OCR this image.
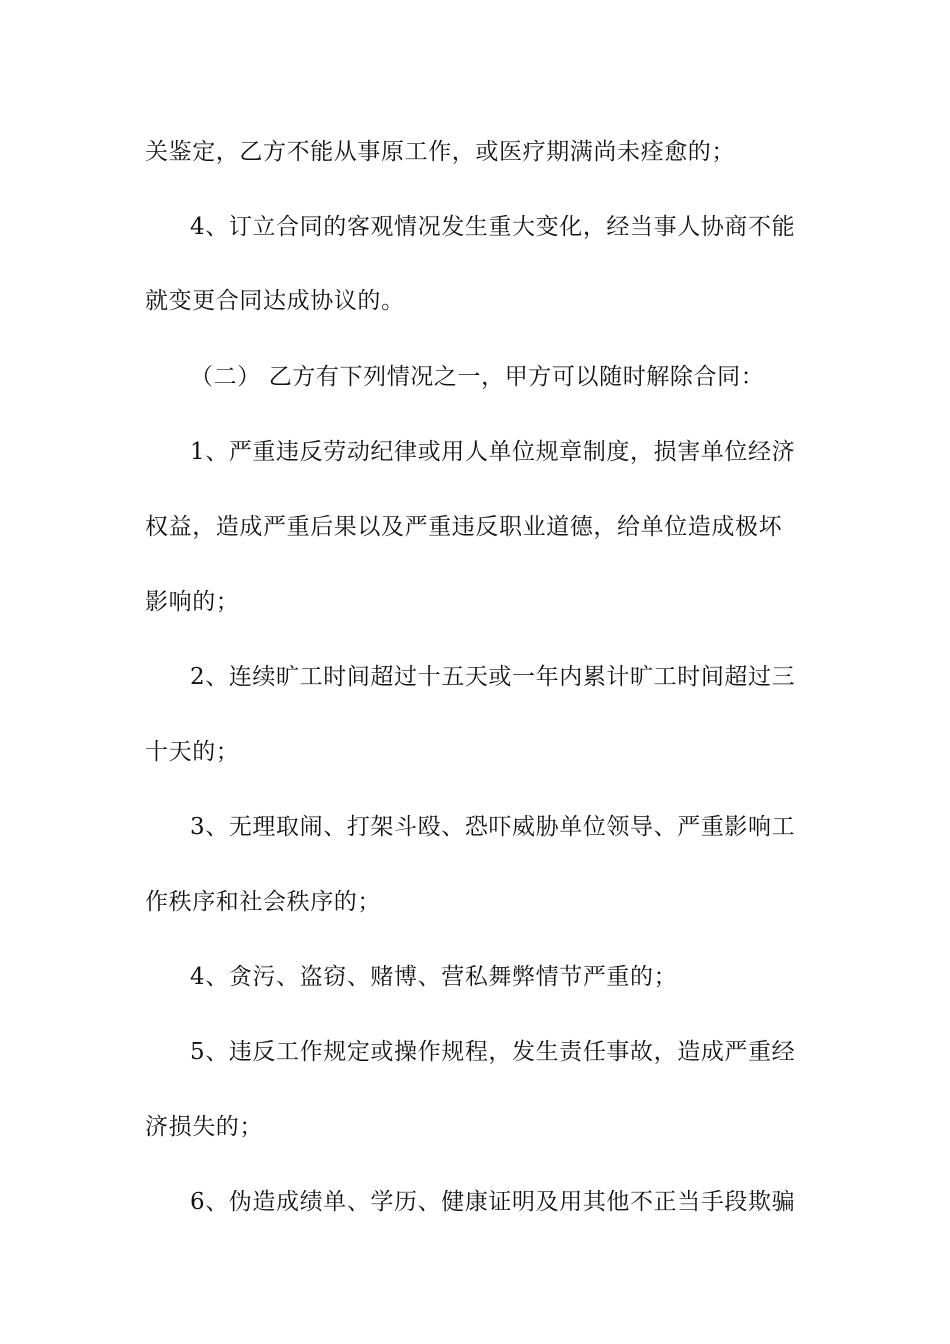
关鉴定，乙方不能从事原工作，或医疗期满尚未痊愈的；
4、订立合同的客观情况发生重大变化，经当事人协商不能
就变更合同达成协议的。
（二） 乙方有下列情况之一，甲方可以随时解除合同：
1、严重违反劳动纪律或用人单位规章制度，损害单位经济
权益，造成严重后果以及严重违反职业道德，给单位造成极坏
影响的；
2、连续旷工时间超过十五天或一年内累计旷工时间超过三
十天的；
3、无理取闹、打架斗殴、恐吓威胁单位领导、严重影响工
作秩序和社会秩序的；
4、贪污、盗窃、赌博、营私舞弊情节严重的；
5、违反工作规定或操作规程，发生责任事故，造成严重经
济损失的；
6、伪造成绩单、学历、健康证明及用其他不正当手段欺骗
